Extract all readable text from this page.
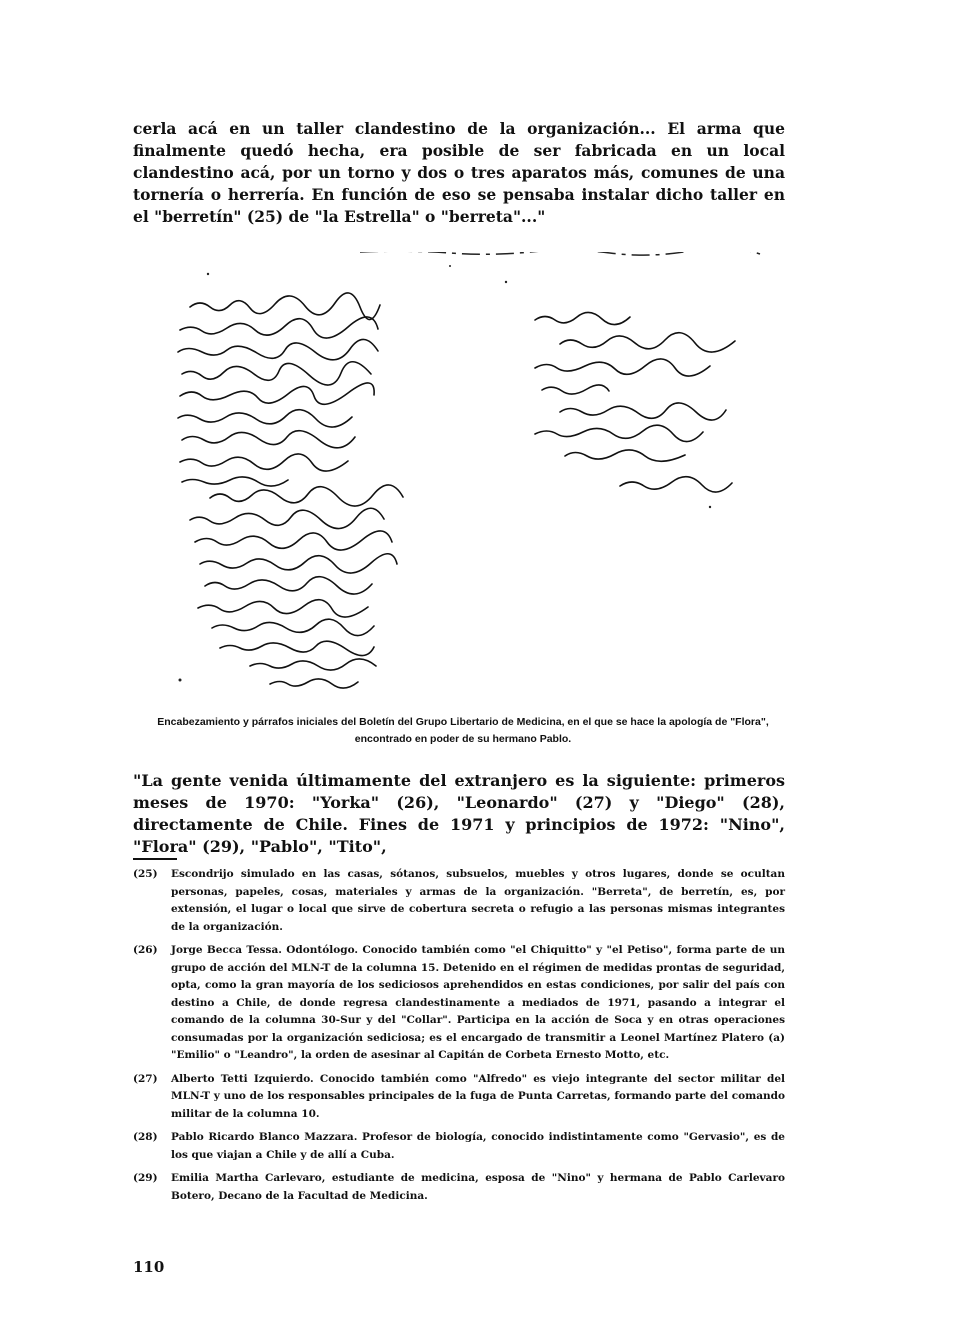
cerla acá en un taller clandestino de la organización... El arma que finalmente quedó hecha, era posible de ser fabricada en un local clandestino acá, por un torno y dos o tres aparatos más, comunes de una tornería o herrería. En función de eso se pensaba instalar dicho taller en el "berretín" (25) de "la Estrella" o "berreta"..."

Encabezamiento y párrafos iniciales del Boletín del Grupo Libertario de Medicina, en el que se hace la apología de "Flora", encontrado en poder de su hermano Pablo.

"La gente venida últimamente del extranjero es la siguiente: primeros meses de 1970: "Yorka" (26), "Leonardo" (27) y "Diego" (28), directamente de Chile. Fines de 1971 y principios de 1972: "Nino", "Flora" (29), "Pablo", "Tito",

(25)	Escondrijo simulado en las casas, sótanos, subsuelos, muebles y otros lugares, donde se ocultan personas, papeles, cosas, materiales y armas de la organización. "Berreta", de berretín, es, por extensión, el lugar o local que sirve de cobertura secreta o refugio a las personas mismas integrantes de la organización.
(26)	Jorge Becca Tessa. Odontólogo. Conocido también como "el Chiquitto" y "el Petiso", forma parte de un grupo de acción del MLN-T de la columna 15. Detenido en el régimen de medidas prontas de seguridad, opta, como la gran mayoría de los sediciosos aprehendidos en estas condiciones, por salir del país con destino a Chile, de donde regresa clandestinamente a mediados de 1971, pasando a integrar el comando de la columna 30-Sur y del "Collar". Participa en la acción de Soca y en otras operaciones consumadas por la organización sediciosa; es el encargado de transmitir a Leonel Martínez Platero (a) "Emilio" o "Leandro", la orden de asesinar al Capitán de Corbeta Ernesto Motto, etc.
(27)	Alberto Tetti Izquierdo. Conocido también como "Alfredo" es viejo integrante del sector militar del MLN-T y uno de los responsables principales de la fuga de Punta Carretas, formando parte del comando militar de la columna 10.
(28)	Pablo Ricardo Blanco Mazzara. Profesor de biología, conocido indistintamente como "Gervasio", es de los que viajan a Chile y de allí a Cuba.
(29)	Emilia Martha Carlevaro, estudiante de medicina, esposa de "Nino" y hermana de Pablo Carlevaro Botero, Decano de la Facultad de Medicina.
110
